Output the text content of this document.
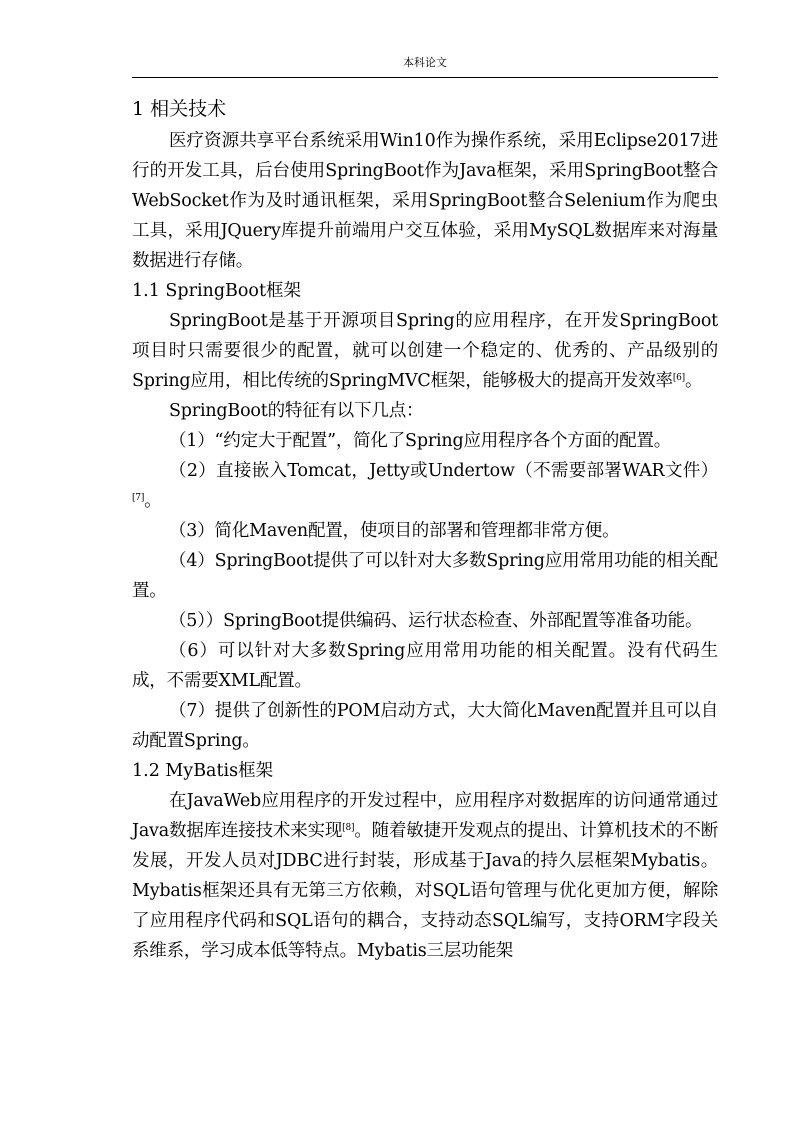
本科论文
1 相关技术

医疗资源共享平台系统采用Win10作为操作系统，采用Eclipse2017进行的开发工具，后台使用SpringBoot作为Java框架，采用SpringBoot整合WebSocket作为及时通讯框架，采用SpringBoot整合Selenium作为爬虫工具，采用JQuery库提升前端用户交互体验，采用MySQL数据库来对海量数据进行存储。

1.1 SpringBoot框架

SpringBoot是基于开源项目Spring的应用程序，在开发SpringBoot项目时只需要很少的配置，就可以创建一个稳定的、优秀的、产品级别的Spring应用，相比传统的SpringMVC框架，能够极大的提高开发效率[6]。

SpringBoot的特征有以下几点：

（1）“约定大于配置”，简化了Spring应用程序各个方面的配置。

（2）直接嵌入Tomcat，Jetty或Undertow（不需要部署WAR文件）[7]。

（3）简化Maven配置，使项目的部署和管理都非常方便。

（4）SpringBoot提供了可以针对大多数Spring应用常用功能的相关配置。

（5））SpringBoot提供编码、运行状态检查、外部配置等准备功能。

（6）可以针对大多数Spring应用常用功能的相关配置。没有代码生成，不需要XML配置。

（7）提供了创新性的POM启动方式，大大简化Maven配置并且可以自动配置Spring。

1.2 MyBatis框架

在JavaWeb应用程序的开发过程中，应用程序对数据库的访问通常通过Java数据库连接技术来实现[8]。随着敏捷开发观点的提出、计算机技术的不断发展，开发人员对JDBC进行封装，形成基于Java的持久层框架Mybatis。Mybatis框架还具有无第三方依赖，对SQL语句管理与优化更加方便，解除了应用程序代码和SQL语句的耦合，支持动态SQL编写，支持ORM字段关系维系，学习成本低等特点。Mybatis三层功能架
